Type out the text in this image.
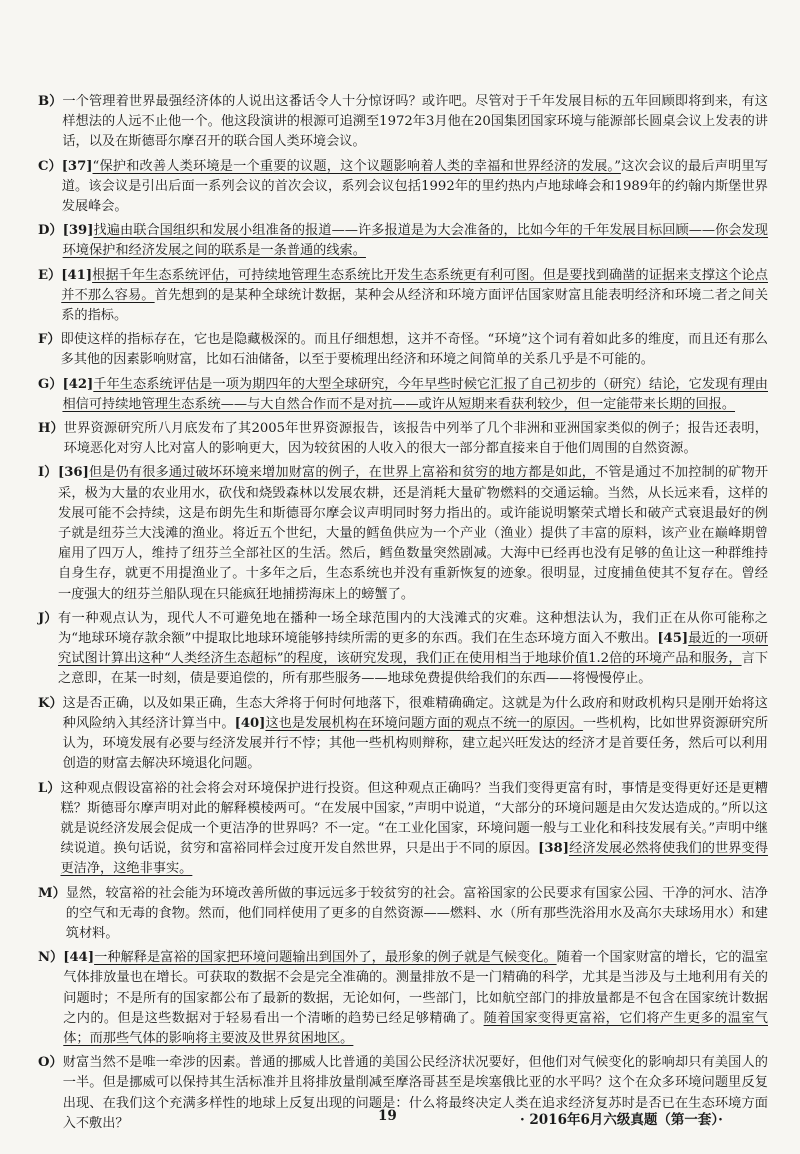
B） 一个管理着世界最强经济体的人说出这番话令人十分惊讶吗？或许吧。尽管对于千年发展目标的五年回顾即将到来，有这样想法的人远不止他一个。他这段演讲的根源可追溯至1972年3月他在20国集团国家环境与能源部长圆桌会议上发表的讲话，以及在斯德哥尔摩召开的联合国人类环境会议。
C） [37]“保护和改善人类环境是一个重要的议题，这个议题影响着人类的幸福和世界经济的发展。”这次会议的最后声明里写道。该会议是引出后面一系列会议的首次会议，系列会议包括1992年的里约热内卢地球峰会和1989年的约翰内斯堡世界发展峰会。
D） [39]找遍由联合国组织和发展小组准备的报道——许多报道是为大会准备的，比如今年的千年发展目标回顾——你会发现环境保护和经济发展之间的联系是一条普通的线索。
E） [41]根据千年生态系统评估，可持续地管理生态系统比开发生态系统更有利可图。但是要找到确凿的证据来支撑这个论点并不那么容易。首先想到的是某种全球统计数据，某种会从经济和环境方面评估国家财富且能表明经济和环境二者之间关系的指标。
F） 即使这样的指标存在，它也是隐藏极深的。而且仔细想想，这并不奇怪。“环境”这个词有着如此多的维度，而且还有那么多其他的因素影响财富，比如石油储备，以至于要梳理出经济和环境之间简单的关系几乎是不可能的。
G） [42]千年生态系统评估是一项为期四年的大型全球研究，今年早些时候它汇报了自己初步的（研究）结论，它发现有理由相信可持续地管理生态系统——与大自然合作而不是对抗——或许从短期来看获利较少，但一定能带来长期的回报。
H） 世界资源研究所八月底发布了其2005年世界资源报告，该报告中列举了几个非洲和亚洲国家类似的例子；报告还表明，环境恶化对穷人比对富人的影响更大，因为较贫困的人收入的很大一部分都直接来自于他们周围的自然资源。
I） [36]但是仍有很多通过破坏环境来增加财富的例子，在世界上富裕和贫穷的地方都是如此，不管是通过不加控制的矿物开采，极为大量的农业用水，砍伐和烧毁森林以发展农耕，还是消耗大量矿物燃料的交通运输。当然，从长远来看，这样的发展可能不会持续，这是布朗先生和斯德哥尔摩会议声明同时努力指出的。或许能说明繁荣式增长和破产式衰退最好的例子就是纽芬兰大浅滩的渔业。将近五个世纪，大量的鳕鱼供应为一个产业（渔业）提供了丰富的原料，该产业在巅峰期曾雇用了四万人，维持了纽芬兰全部社区的生活。然后，鳕鱼数量突然剧减。大海中已经再也没有足够的鱼让这一种群维持自身生存，就更不用提渔业了。十多年之后，生态系统也并没有重新恢复的迹象。很明显，过度捕鱼使其不复存在。曾经一度强大的纽芬兰船队现在只能疯狂地捕捞海床上的螃蟹了。
J） 有一种观点认为，现代人不可避免地在播种一场全球范围内的大浅滩式的灾难。这种想法认为，我们正在从你可能称之为“地球环境存款余额”中提取比地球环境能够持续所需的更多的东西。我们在生态环境方面入不敷出。[45]最近的一项研究试图计算出这种“人类经济生态超标”的程度，该研究发现，我们正在使用相当于地球价值1.2倍的环境产品和服务，言下之意即，在某一时刻，债是要追偿的，所有那些服务——地球免费提供给我们的东西——将慢慢停止。
K） 这是否正确，以及如果正确，生态大斧将于何时何地落下，很难精确确定。这就是为什么政府和财政机构只是刚开始将这种风险纳入其经济计算当中。[40]这也是发展机构在环境问题方面的观点不统一的原因。一些机构，比如世界资源研究所认为，环境发展有必要与经济发展并行不悖；其他一些机构则辩称，建立起兴旺发达的经济才是首要任务，然后可以利用创造的财富去解决环境退化问题。
L） 这种观点假设富裕的社会将会对环境保护进行投资。但这种观点正确吗？当我们变得更富有时，事情是变得更好还是更糟糕？斯德哥尔摩声明对此的解释模棱两可。“在发展中国家，”声明中说道，“大部分的环境问题是由欠发达造成的。”所以这就是说经济发展会促成一个更洁净的世界吗？不一定。“在工业化国家，环境问题一般与工业化和科技发展有关。”声明中继续说道。换句话说，贫穷和富裕同样会过度开发自然世界，只是出于不同的原因。[38]经济发展必然将使我们的世界变得更洁净，这绝非事实。
M） 显然，较富裕的社会能为环境改善所做的事远远多于较贫穷的社会。富裕国家的公民要求有国家公园、干净的河水、洁净的空气和无毒的食物。然而，他们同样使用了更多的自然资源——燃料、水（所有那些洗浴用水及高尔夫球场用水）和建筑材料。
N） [44]一种解释是富裕的国家把环境问题输出到国外了，最形象的例子就是气候变化。随着一个国家财富的增长，它的温室气体排放量也在增长。可获取的数据不会是完全准确的。测量排放不是一门精确的科学，尤其是当涉及与土地利用有关的问题时；不是所有的国家都公布了最新的数据，无论如何，一些部门，比如航空部门的排放量都是不包含在国家统计数据之内的。但是这些数据对于轻易看出一个清晰的趋势已经足够精确了。随着国家变得更富裕，它们将产生更多的温室气体；而那些气体的影响将主要波及世界贫困地区。
O） 财富当然不是唯一牵涉的因素。普通的挪威人比普通的美国公民经济状况要好，但他们对气候变化的影响却只有美国人的一半。但是挪威可以保持其生活标准并且将排放量削减至摩洛哥甚至是埃塞俄比亚的水平吗？这个在众多环境问题里反复出现、在我们这个充满多样性的地球上反复出现的问题是：什么将最终决定人类在追求经济复苏时是否已在生态环境方面入不敷出？	19	· 2016年6月六级真题（第一套）·
